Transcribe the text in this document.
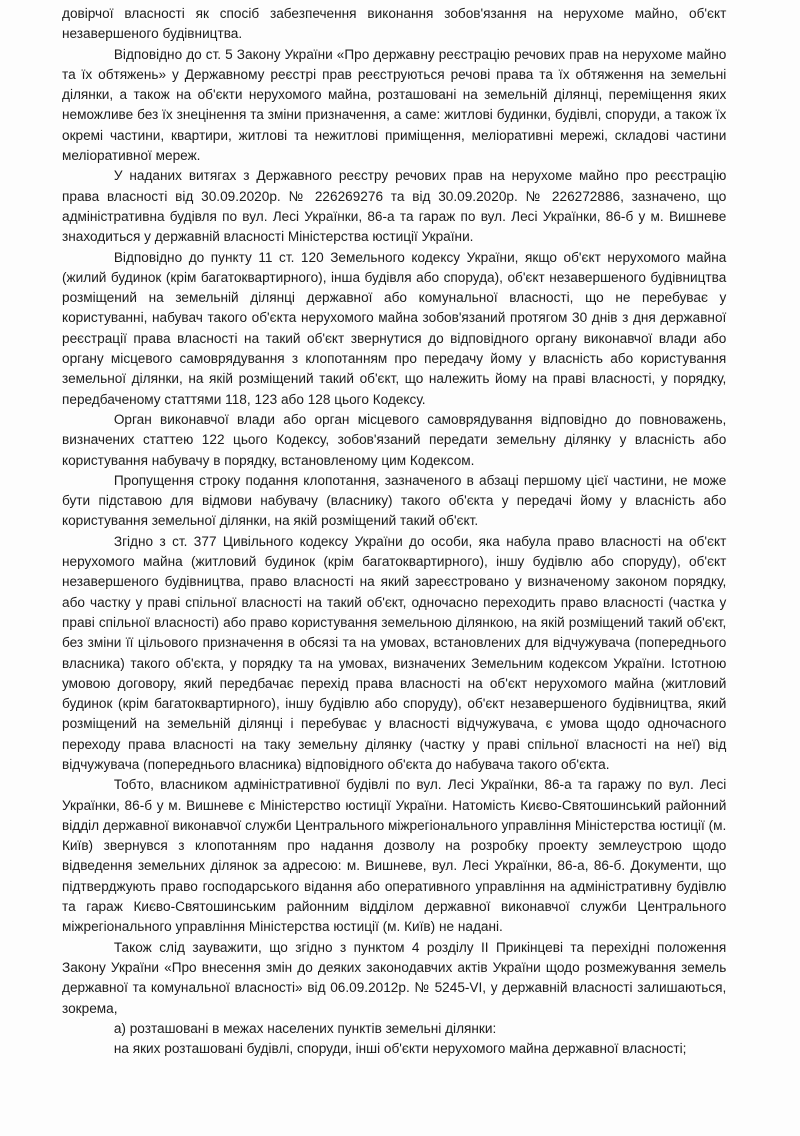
довірчої власності як спосіб забезпечення виконання зобов'язання на нерухоме майно, об'єкт незавершеного будівництва.

Відповідно до ст. 5 Закону України «Про державну реєстрацію речових прав на нерухоме майно та їх обтяжень» у Державному реєстрі прав реєструються речові права та їх обтяження на земельні ділянки, а також на об'єкти нерухомого майна, розташовані на земельній ділянці, переміщення яких неможливе без їх знецінення та зміни призначення, а саме: житлові будинки, будівлі, споруди, а також їх окремі частини, квартири, житлові та нежитлові приміщення, меліоративні мережі, складові частини меліоративної мереж.

У наданих витягах з Державного реєстру речових прав на нерухоме майно про реєстрацію права власності від 30.09.2020р. № 226269276 та від 30.09.2020р. № 226272886, зазначено, що адміністративна будівля по вул. Лесі Українки, 86-а та гараж по вул. Лесі Українки, 86-б у м. Вишневе знаходиться у державній власності Міністерства юстиції України.

Відповідно до пункту 11 ст. 120 Земельного кодексу України, якщо об'єкт нерухомого майна (жилий будинок (крім багатоквартирного), інша будівля або споруда), об'єкт незавершеного будівництва розміщений на земельній ділянці державної або комунальної власності, що не перебуває у користуванні, набувач такого об'єкта нерухомого майна зобов'язаний протягом 30 днів з дня державної реєстрації права власності на такий об'єкт звернутися до відповідного органу виконавчої влади або органу місцевого самоврядування з клопотанням про передачу йому у власність або користування земельної ділянки, на якій розміщений такий об'єкт, що належить йому на праві власності, у порядку, передбаченому статтями 118, 123 або 128 цього Кодексу.

Орган виконавчої влади або орган місцевого самоврядування відповідно до повноважень, визначених статтею 122 цього Кодексу, зобов'язаний передати земельну ділянку у власність або користування набувачу в порядку, встановленому цим Кодексом.

Пропущення строку подання клопотання, зазначеного в абзаці першому цієї частини, не може бути підставою для відмови набувачу (власнику) такого об'єкта у передачі йому у власність або користування земельної ділянки, на якій розміщений такий об'єкт.

Згідно з ст. 377 Цивільного кодексу України до особи, яка набула право власності на об'єкт нерухомого майна (житловий будинок (крім багатоквартирного), іншу будівлю або споруду), об'єкт незавершеного будівництва, право власності на який зареєстровано у визначеному законом порядку, або частку у праві спільної власності на такий об'єкт, одночасно переходить право власності (частка у праві спільної власності) або право користування земельною ділянкою, на якій розміщений такий об'єкт, без зміни її цільового призначення в обсязі та на умовах, встановлених для відчужувача (попереднього власника) такого об'єкта, у порядку та на умовах, визначених Земельним кодексом України. Істотною умовою договору, який передбачає перехід права власності на об'єкт нерухомого майна (житловий будинок (крім багатоквартирного), іншу будівлю або споруду), об'єкт незавершеного будівництва, який розміщений на земельній ділянці і перебуває у власності відчужувача, є умова щодо одночасного переходу права власності на таку земельну ділянку (частку у праві спільної власності на неї) від відчужувача (попереднього власника) відповідного об'єкта до набувача такого об'єкта.

Тобто, власником адміністративної будівлі по вул. Лесі Українки, 86-а та гаражу по вул. Лесі Українки, 86-б у м. Вишневе є Міністерство юстиції України. Натомість Києво-Святошинський районний відділ державної виконавчої служби Центрального міжрегіонального управління Міністерства юстиції (м. Київ) звернувся з клопотанням про надання дозволу на розробку проекту землеустрою щодо відведення земельних ділянок за адресою: м. Вишневе, вул. Лесі Українки, 86-а, 86-б. Документи, що підтверджують право господарського відання або оперативного управління на адміністративну будівлю та гараж Києво-Святошинським районним відділом державної виконавчої служби Центрального міжрегіонального управління Міністерства юстиції (м. Київ) не надані.

Також слід зауважити, що згідно з пунктом 4 розділу ІІ Прикінцеві та перехідні положення Закону України «Про внесення змін до деяких законодавчих актів України щодо розмежування земель державної та комунальної власності» від 06.09.2012р. № 5245-VI, у державній власності залишаються, зокрема,

а) розташовані в межах населених пунктів земельні ділянки:

на яких розташовані будівлі, споруди, інші об'єкти нерухомого майна державної власності;
